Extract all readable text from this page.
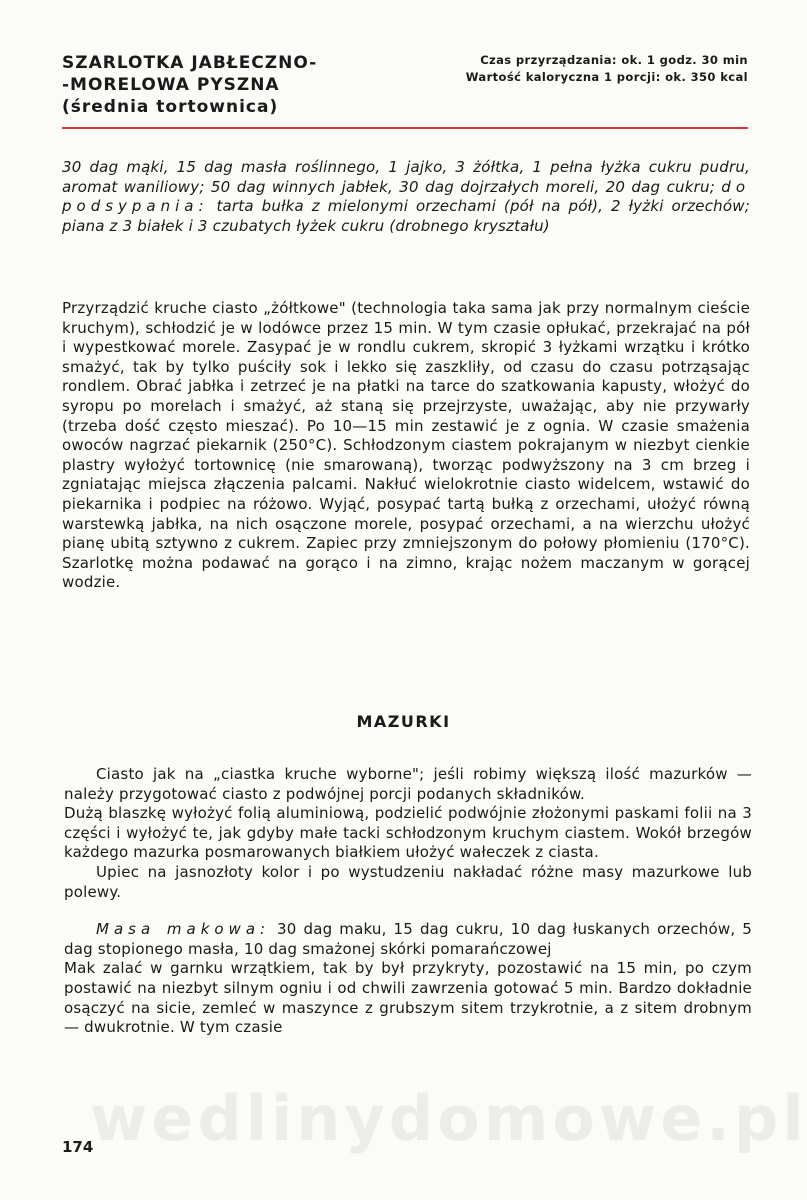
SZARLOTKA JABŁECZNO-
-MORELOWA PYSZNA
(średnia tortownica)
Czas przyrządzania: ok. 1 godz. 30 min
Wartość kaloryczna 1 porcji: ok. 350 kcal

30 dag mąki, 15 dag masła roślinnego, 1 jajko, 3 żółtka, 1 pełna łyżka cukru pudru, aromat waniliowy; 50 dag winnych jabłek, 30 dag dojrzałych moreli, 20 dag cukru; do podsypania: tarta bułka z mielonymi orzechami (pół na pół), 2 łyżki orzechów; piana z 3 białek i 3 czubatych łyżek cukru (drobnego kryształu)

Przyrządzić kruche ciasto „żółtkowe" (technologia taka sama jak przy normalnym cieście kruchym), schłodzić je w lodówce przez 15 min. W tym czasie opłukać, przekrajać na pół i wypestkować morele. Zasypać je w rondlu cukrem, skropić 3 łyżkami wrzątku i krótko smażyć, tak by tylko puściły sok i lekko się zaszkliły, od czasu do czasu potrząsając rondlem. Obrać jabłka i zetrzeć je na płatki na tarce do szatkowania kapusty, włożyć do syropu po morelach i smażyć, aż staną się przejrzyste, uważając, aby nie przywarły (trzeba dość często mieszać). Po 10—15 min zestawić je z ognia. W czasie smażenia owoców nagrzać piekarnik (250°C). Schłodzonym ciastem pokrajanym w niezbyt cienkie plastry wyłożyć tortownicę (nie smarowaną), tworząc podwyższony na 3 cm brzeg i zgniatając miejsca złączenia palcami. Nakłuć wielokrotnie ciasto widelcem, wstawić do piekarnika i podpiec na różowo. Wyjąć, posypać tartą bułką z orzechami, ułożyć równą warstewką jabłka, na nich osączone morele, posypać orzechami, a na wierzchu ułożyć pianę ubitą sztywno z cukrem. Zapiec przy zmniejszonym do połowy płomieniu (170°C). Szarlotkę można podawać na gorąco i na zimno, krając nożem maczanym w gorącej wodzie.

MAZURKI

Ciasto jak na „ciastka kruche wyborne"; jeśli robimy większą ilość mazurków — należy przygotować ciasto z podwójnej porcji podanych składników.

Dużą blaszkę wyłożyć folią aluminiową, podzielić podwójnie złożonymi paskami folii na 3 części i wyłożyć te, jak gdyby małe tacki schłodzonym kruchym ciastem. Wokół brzegów każdego mazurka posmarowanych białkiem ułożyć wałeczek z ciasta.

Upiec na jasnozłoty kolor i po wystudzeniu nakładać różne masy mazurkowe lub polewy.

Masa makowa: 30 dag maku, 15 dag cukru, 10 dag łuskanych orzechów, 5 dag stopionego masła, 10 dag smażonej skórki pomarańczowej

Mak zalać w garnku wrzątkiem, tak by był przykryty, pozostawić na 15 min, po czym postawić na niezbyt silnym ogniu i od chwili zawrzenia gotować 5 min. Bardzo dokładnie osączyć na sicie, zemleć w maszynce z grubszym sitem trzykrotnie, a z sitem drobnym — dwukrotnie. W tym czasie

wedlinydomowe.pl
174
